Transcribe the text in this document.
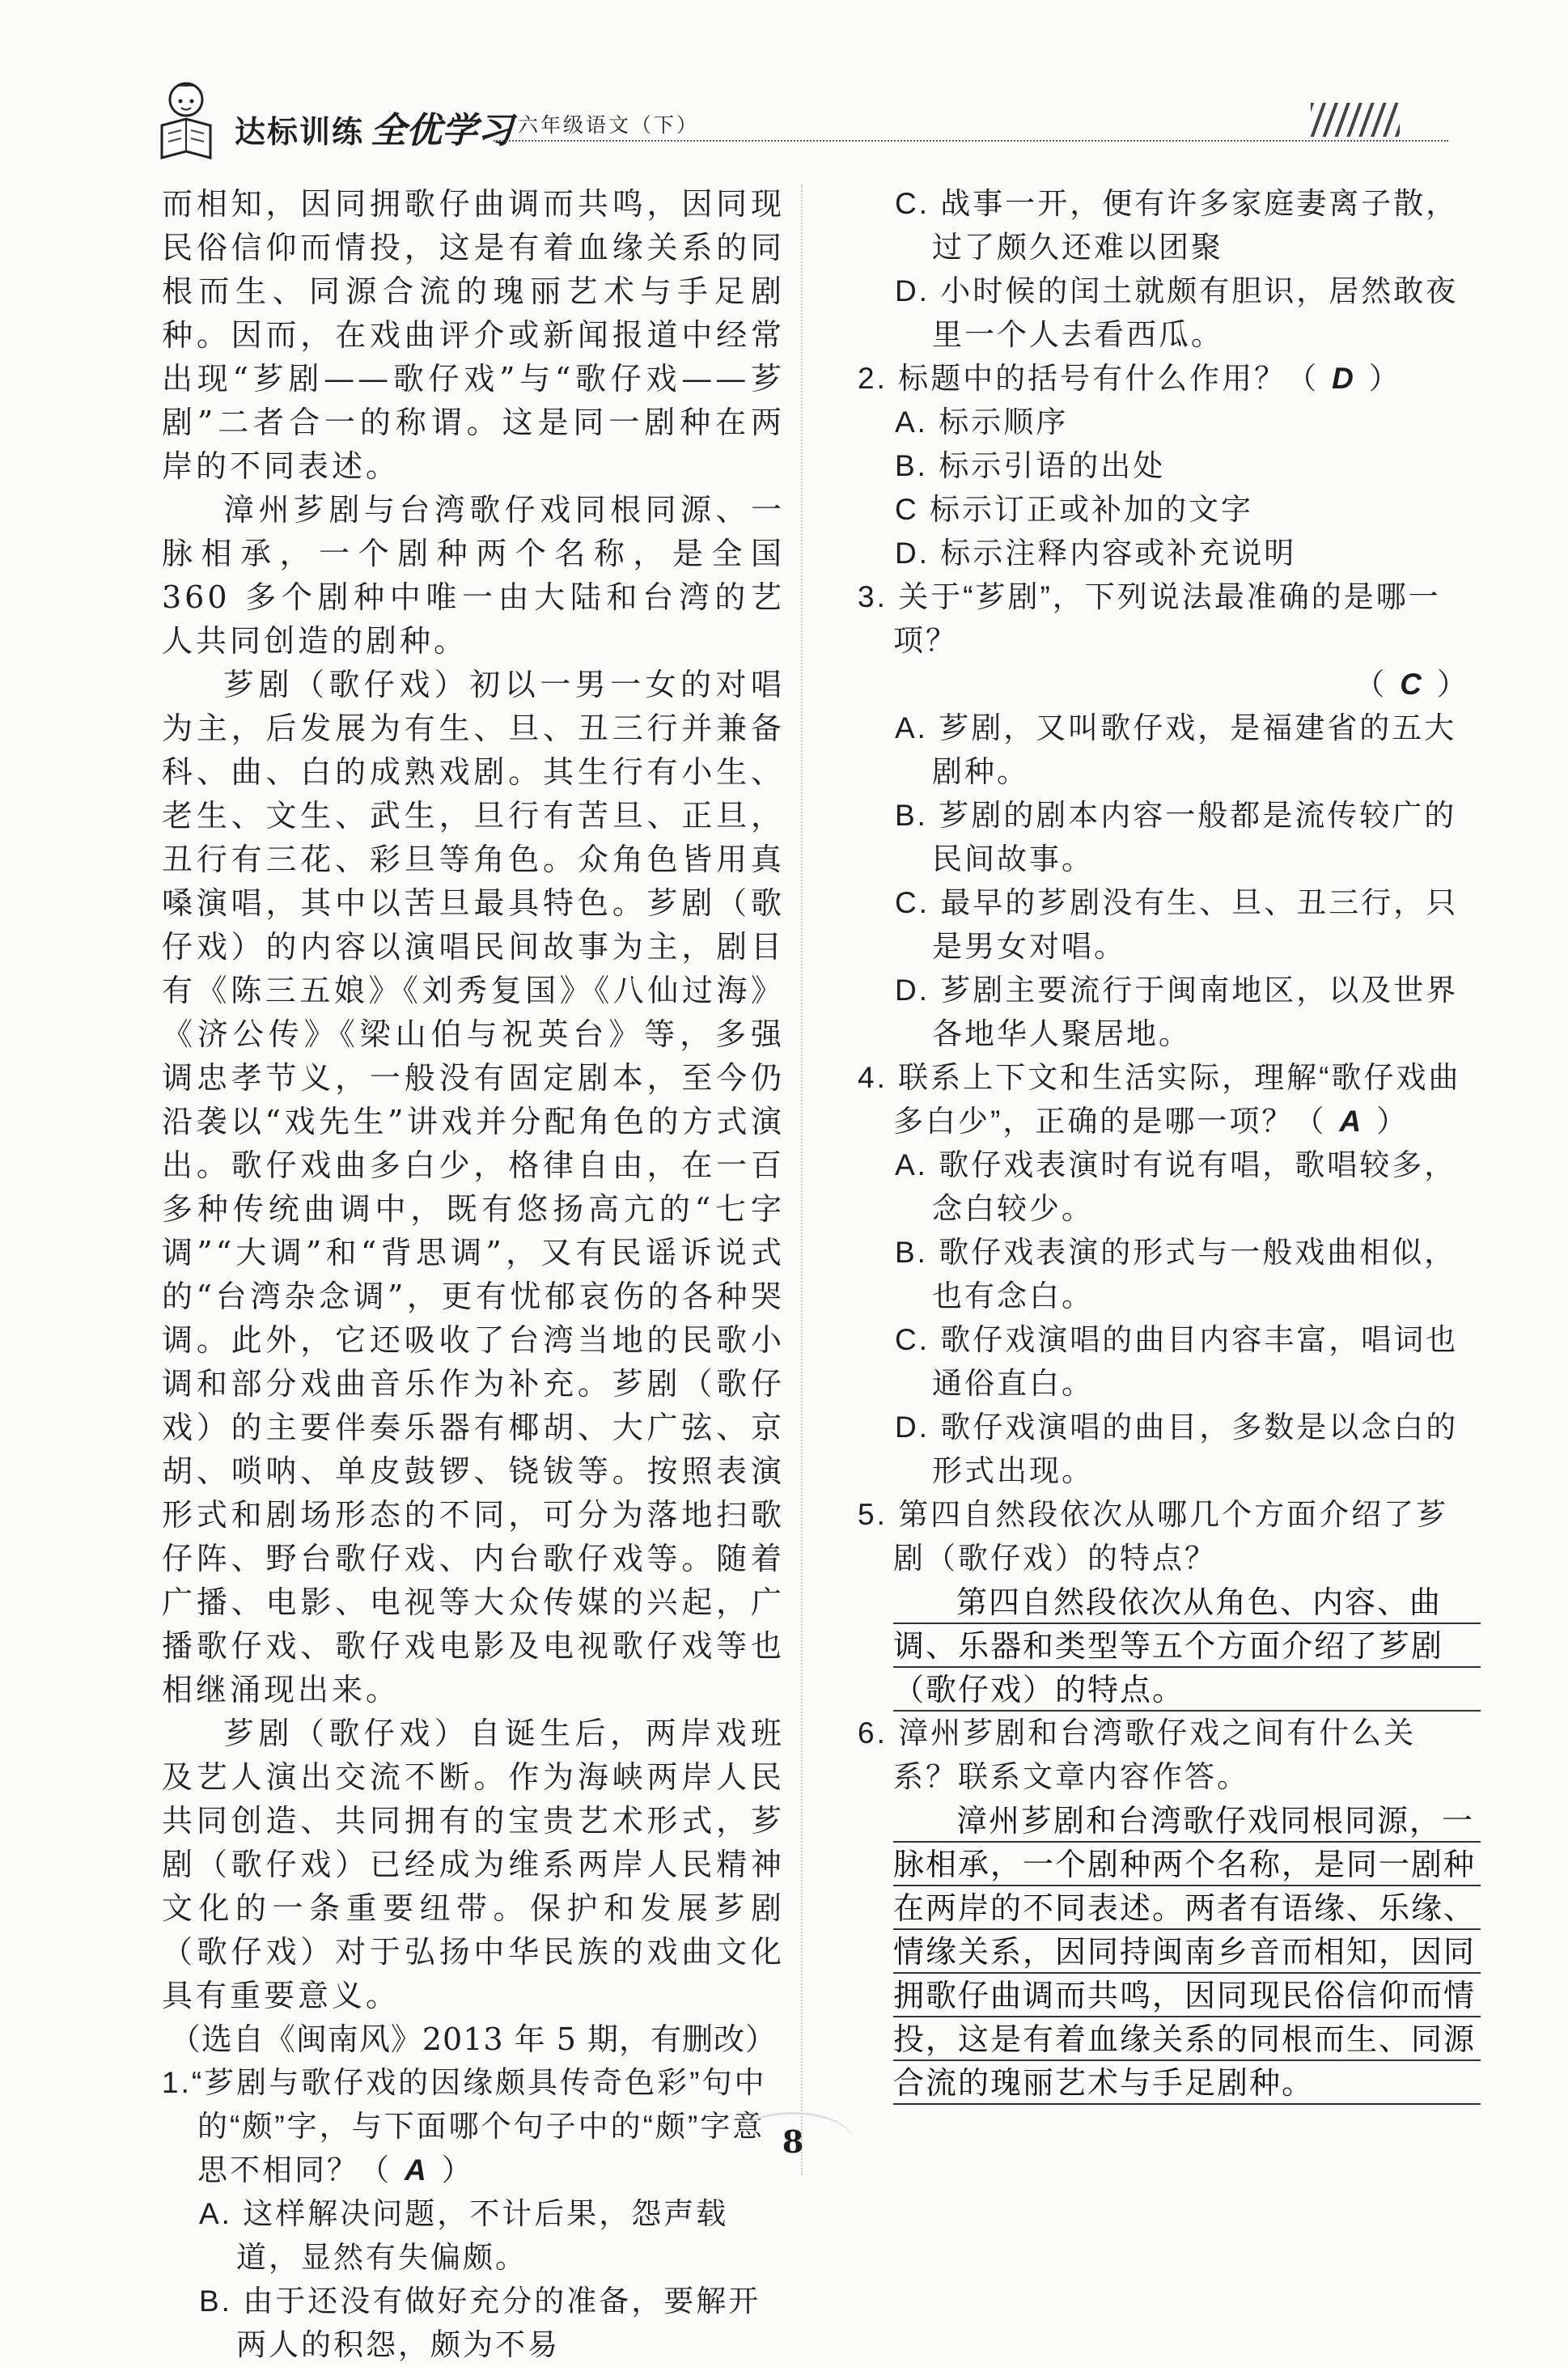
达标训练 全优学习 六年级语文（下）

而相知，因同拥歌仔曲调而共鸣，因同现民俗信仰而情投，这是有着血缘关系的同根而生、同源合流的瑰丽艺术与手足剧种。因而，在戏曲评介或新闻报道中经常出现“芗剧——歌仔戏”与“歌仔戏——芗剧”二者合一的称谓。这是同一剧种在两岸的不同表述。

漳州芗剧与台湾歌仔戏同根同源、一脉相承，一个剧种两个名称，是全国 360 多个剧种中唯一由大陆和台湾的艺人共同创造的剧种。

芗剧（歌仔戏）初以一男一女的对唱为主，后发展为有生、旦、丑三行并兼备科、曲、白的成熟戏剧。其生行有小生、老生、文生、武生，旦行有苦旦、正旦，丑行有三花、彩旦等角色。众角色皆用真嗓演唱，其中以苦旦最具特色。芗剧（歌仔戏）的内容以演唱民间故事为主，剧目有《陈三五娘》《刘秀复国》《八仙过海》《济公传》《梁山伯与祝英台》等，多强调忠孝节义，一般没有固定剧本，至今仍沿袭以“戏先生”讲戏并分配角色的方式演出。歌仔戏曲多白少，格律自由，在一百多种传统曲调中，既有悠扬高亢的“七字调”“大调”和“背思调”，又有民谣诉说式的“台湾杂念调”，更有忧郁哀伤的各种哭调。此外，它还吸收了台湾当地的民歌小调和部分戏曲音乐作为补充。芗剧（歌仔戏）的主要伴奏乐器有椰胡、大广弦、京胡、唢呐、单皮鼓锣、铙钹等。按照表演形式和剧场形态的不同，可分为落地扫歌仔阵、野台歌仔戏、内台歌仔戏等。随着广播、电影、电视等大众传媒的兴起，广播歌仔戏、歌仔戏电影及电视歌仔戏等也相继涌现出来。

芗剧（歌仔戏）自诞生后，两岸戏班及艺人演出交流不断。作为海峡两岸人民共同创造、共同拥有的宝贵艺术形式，芗剧（歌仔戏）已经成为维系两岸人民精神文化的一条重要纽带。保护和发展芗剧（歌仔戏）对于弘扬中华民族的戏曲文化具有重要意义。

（选自《闽南风》2013 年 5 期，有删改）

1.“芗剧与歌仔戏的因缘颇具传奇色彩”句中的“颇”字，与下面哪个句子中的“颇”字意思不相同？（ A ）
A. 这样解决问题，不计后果，怨声载道，显然有失偏颇。
B. 由于还没有做好充分的准备，要解开两人的积怨，颇为不易
C. 战事一开，便有许多家庭妻离子散，过了颇久还难以团聚
D. 小时候的闰土就颇有胆识，居然敢夜里一个人去看西瓜。
2. 标题中的括号有什么作用？（ D ）
A. 标示顺序
B. 标示引语的出处
C 标示订正或补加的文字
D. 标示注释内容或补充说明
3. 关于“芗剧”，下列说法最准确的是哪一项？
（ C ）
A. 芗剧，又叫歌仔戏，是福建省的五大剧种。
B. 芗剧的剧本内容一般都是流传较广的民间故事。
C. 最早的芗剧没有生、旦、丑三行，只是男女对唱。
D. 芗剧主要流行于闽南地区，以及世界各地华人聚居地。
4. 联系上下文和生活实际，理解“歌仔戏曲多白少”，正确的是哪一项？（ A ）
A. 歌仔戏表演时有说有唱，歌唱较多，念白较少。
B. 歌仔戏表演的形式与一般戏曲相似，也有念白。
C. 歌仔戏演唱的曲目内容丰富，唱词也通俗直白。
D. 歌仔戏演唱的曲目，多数是以念白的形式出现。
5. 第四自然段依次从哪几个方面介绍了芗剧（歌仔戏）的特点？
第四自然段依次从角色、内容、曲调、乐器和类型等五个方面介绍了芗剧（歌仔戏）的特点。
6. 漳州芗剧和台湾歌仔戏之间有什么关系？联系文章内容作答。
漳州芗剧和台湾歌仔戏同根同源，一脉相承，一个剧种两个名称，是同一剧种在两岸的不同表述。两者有语缘、乐缘、情缘关系，因同持闽南乡音而相知，因同拥歌仔曲调而共鸣，因同现民俗信仰而情投，这是有着血缘关系的同根而生、同源合流的瑰丽艺术与手足剧种。
8
